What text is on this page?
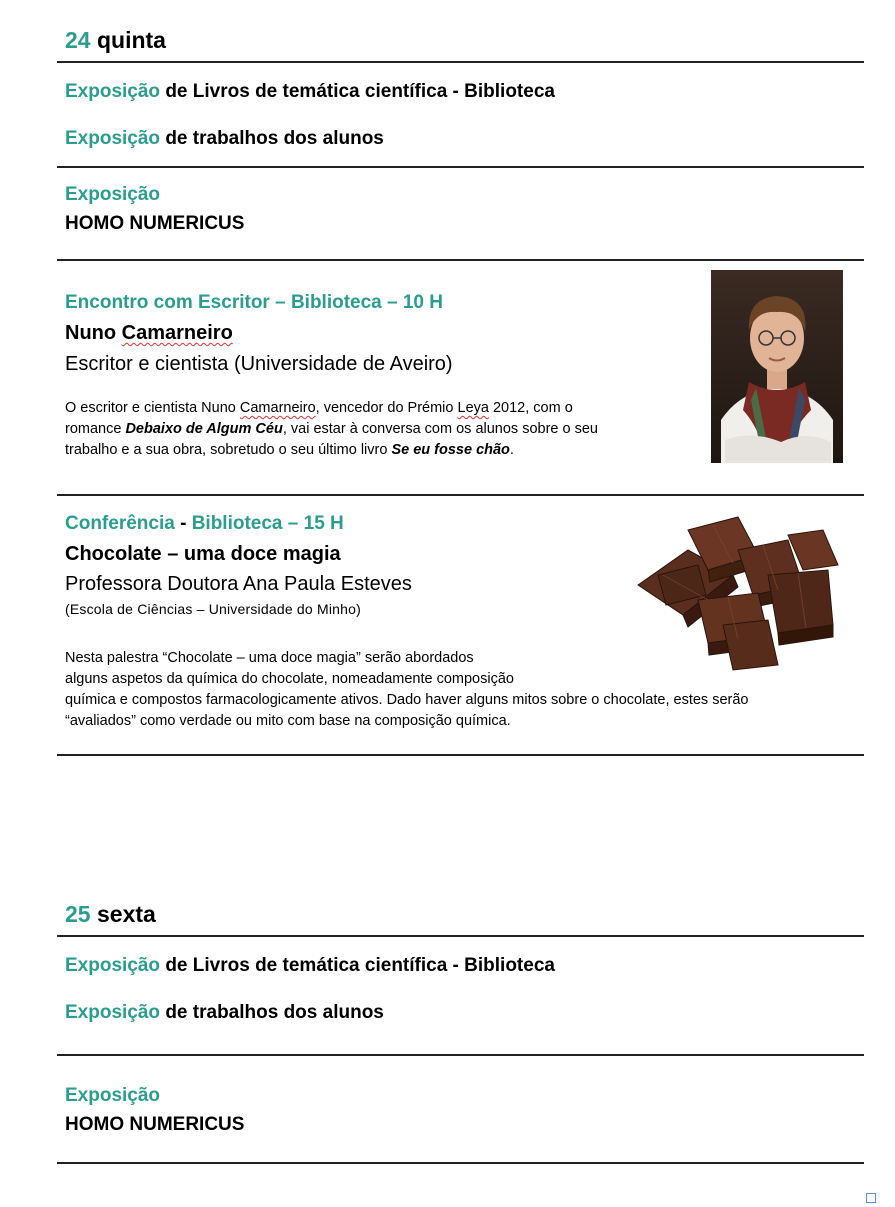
24 quinta
Exposição de Livros de temática científica - Biblioteca
Exposição de trabalhos dos alunos
Exposição
HOMO NUMERICUS
Encontro com Escritor – Biblioteca – 10 H
Nuno Camarneiro
Escritor e cientista (Universidade de Aveiro)
O escritor e cientista Nuno Camarneiro, vencedor do Prémio Leya 2012, com o
romance Debaixo de Algum Céu, vai estar à conversa com os alunos sobre o seu
trabalho e a sua obra, sobretudo o seu último livro Se eu fosse chão.
Conferência - Biblioteca – 15 H
Chocolate – uma doce magia
Professora Doutora Ana Paula Esteves
(Escola de Ciências – Universidade do Minho)
Nesta palestra “Chocolate – uma doce magia” serão abordados
alguns aspetos da química do chocolate, nomeadamente composição
química e compostos farmacologicamente ativos. Dado haver alguns mitos sobre o chocolate, estes serão
“avaliados” como verdade ou mito com base na composição química.
25 sexta
Exposição de Livros de temática científica - Biblioteca
Exposição de trabalhos dos alunos
Exposição
HOMO NUMERICUS
